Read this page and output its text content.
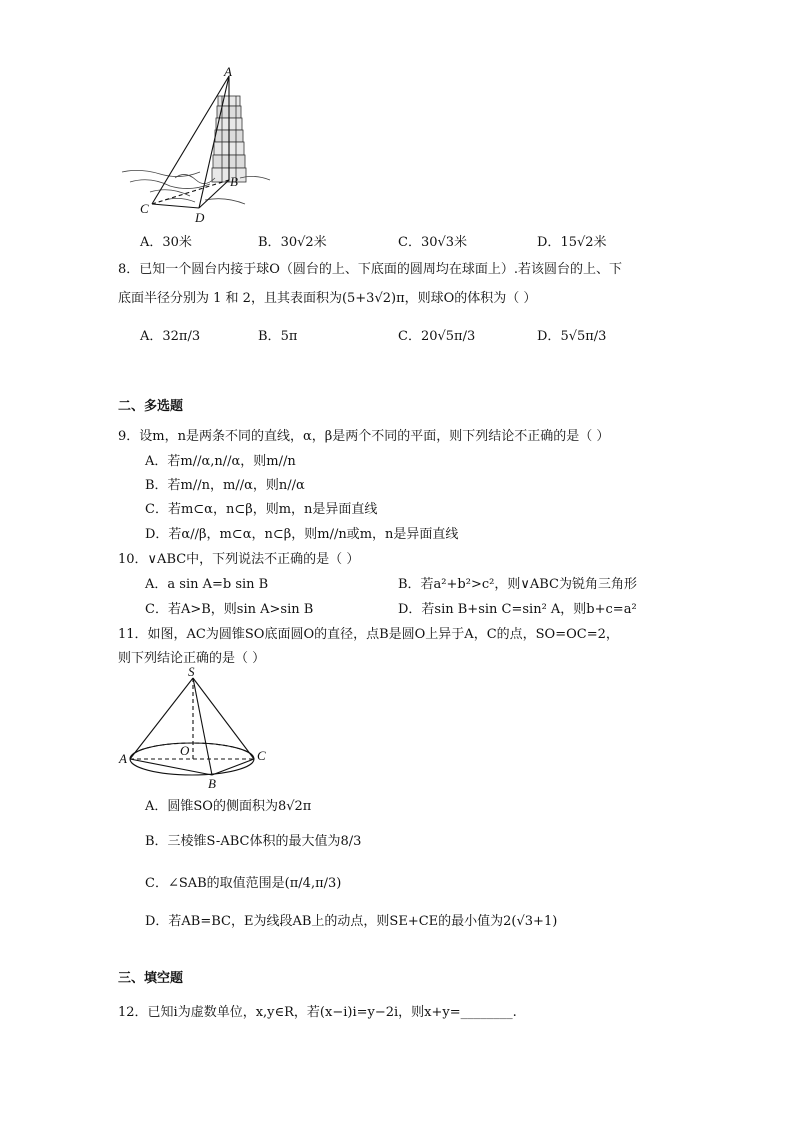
A
B
C
D
A．30米	B．30√2米	C．30√3米	D．15√2米
8．已知一个圆台内接于球O（圆台的上、下底面的圆周均在球面上）.若该圆台的上、下
底面半径分别为 1 和 2，且其表面积为(5+3√2)π，则球O的体积为（ ）
A．32π/3	B．5π	C．20√5π/3	D．5√5π/3
二、多选题
9．设m，n是两条不同的直线，α，β是两个不同的平面，则下列结论不正确的是（ ）
A．若m//α,n//α，则m//n
B．若m//n，m//α，则n//α
C．若m⊂α，n⊂β，则m，n是异面直线
D．若α//β，m⊂α，n⊂β，则m//n或m，n是异面直线
10．∨ABC中，下列说法不正确的是（ ）
A．a sin A=b sin B	B．若a²+b²>c²，则∨ABC为锐角三角形
C．若A>B，则sin A>sin B	D．若sin B+sin C=sin² A，则b+c=a²
11．如图，AC为圆锥SO底面圆O的直径，点B是圆O上异于A，C的点，SO=OC=2，
则下列结论正确的是（ ）
S
O
A
B
C
A．圆锥SO的侧面积为8√2π
B．三棱锥S-ABC体积的最大值为8/3
C．∠SAB的取值范围是(π/4,π/3)
D．若AB=BC，E为线段AB上的动点，则SE+CE的最小值为2(√3+1)
三、填空题
12．已知i为虚数单位，x,y∈R，若(x−i)i=y−2i，则x+y=________.
